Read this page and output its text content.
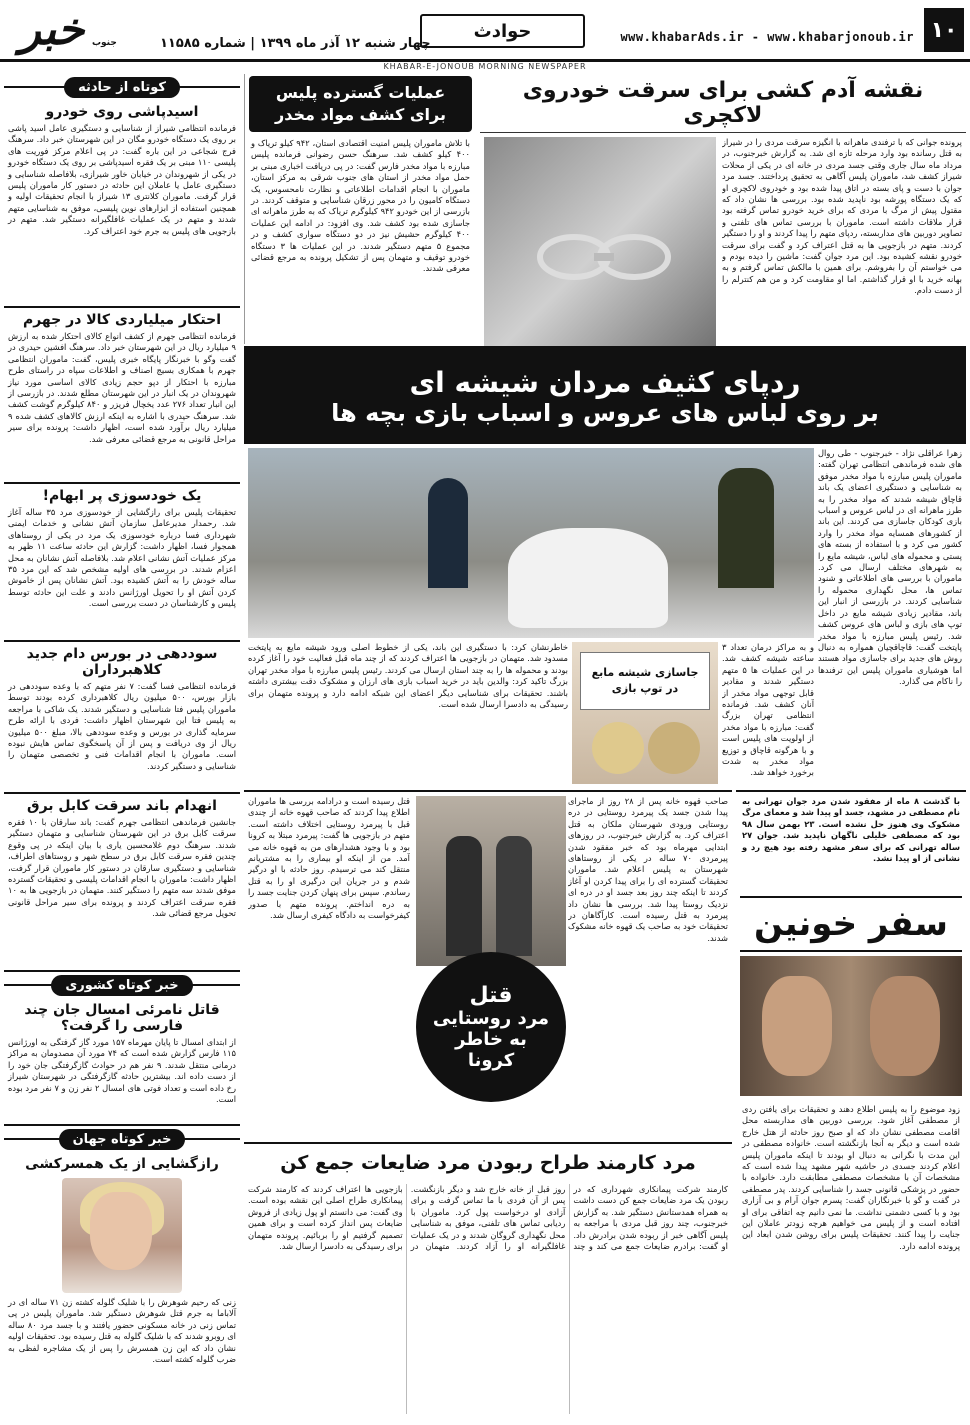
۱۰
www.khabarAds.ir - www.khabarjonoub.ir
حوادث
چهار شنبه ۱۲ آذر ماه ۱۳۹۹ | شماره ۱۱۵۸۵
خبر جنوب
KHABAR-E-JONOUB MORNING NEWSPAPER
کوتاه از حادثه
اسیدپاشی روی خودرو

فرمانده انتظامی شیراز از شناسایی و دستگیری عامل اسید پاشی بر روی یک دستگاه خودرو مگان در این شهرستان خبر داد. سرهنگ فرج شجاعی در این باره گفت: در پی اعلام مرکز فوریت های پلیسی ۱۱۰ مبنی بر یک فقره اسیدپاشی بر روی یک دستگاه خودرو در یکی از شهروندان در خیابان خاور شیرازی، بلافاصله شناسایی و دستگیری عامل یا عاملان این حادثه در دستور کار ماموران پلیس قرار گرفت. ماموران کلانتری ۱۳ شیراز با انجام تحقیقات اولیه و همچنین استفاده از ابزارهای نوین پلیسی، موفق به شناسایی متهم شدند و متهم در یک عملیات غافلگیرانه دستگیر شد. متهم در بازجویی های پلیس به جرم خود اعتراف کرد.

احتکار میلیاردی کالا در جهرم

فرمانده انتظامی جهرم از کشف انواع کالای احتکار شده به ارزش ۹ میلیارد ریال در این شهرستان خبر داد. سرهنگ افشین حیدری در گفت وگو با خبرنگار پایگاه خبری پلیس، گفت: ماموران انتظامی جهرم با همکاری بسیج اصناف و اطلاعات سپاه در راستای طرح مبارزه با احتکار از دپو حجم زیادی کالای اساسی مورد نیاز شهروندان در یک انبار در این شهرستان مطلع شدند. در بازرسی از این انبار تعداد ۲۷۶ عدد یخچال فریزر و ۸۴۰ کیلوگرم گوشت کشف شد. سرهنگ حیدری با اشاره به اینکه ارزش کالاهای کشف شده ۹ میلیارد ریال برآورد شده است، اظهار داشت: پرونده برای سیر مراحل قانونی به مرجع قضائی معرفی شد.

یک خودسوزی پر ابهام!

تحقیقات پلیس برای رازگشایی از خودسوزی مرد ۳۵ ساله آغاز شد. رحمدار مدیرعامل سازمان آتش نشانی و خدمات ایمنی شهرداری فسا درباره خودسوزی یک مرد در یکی از روستاهای همجوار فسا، اظهار داشت: گزارش این حادثه ساعت ۱۱ ظهر به مرکز عملیات آتش نشانی اعلام شد. بلافاصله آتش نشانان به محل اعزام شدند. در بررسی های اولیه مشخص شد که این مرد ۳۵ ساله خودش را به آتش کشیده بود. آتش نشانان پس از خاموش کردن آتش او را تحویل اورژانس دادند و علت این حادثه توسط پلیس و کارشناسان در دست بررسی است.

سوددهی در بورس دام جدید کلاهبرداران

فرمانده انتظامی فسا گفت: ۷ نفر متهم که با وعده سوددهی در بازار بورس، ۵۰۰ میلیون ریال کلاهبرداری کرده بودند توسط ماموران پلیس فتا شناسایی و دستگیر شدند. یک شاکی با مراجعه به پلیس فتا این شهرستان اظهار داشت: فردی با ارائه طرح سرمایه گذاری در بورس و وعده سوددهی بالا، مبلغ ۵۰۰ میلیون ریال از وی دریافت و پس از آن پاسخگوی تماس هایش نبوده است. ماموران با انجام اقدامات فنی و تخصصی متهمان را شناسایی و دستگیر کردند.

انهدام باند سرقت کابل برق

جانشین فرماندهی انتظامی جهرم گفت: باند سارقان با ۱۰ فقره سرقت کابل برق در این شهرستان شناسایی و متهمان دستگیر شدند. سرهنگ دوم غلامحسین یاری با بیان اینکه در پی وقوع چندین فقره سرقت کابل برق در سطح شهر و روستاهای اطراف، شناسایی و دستگیری سارقان در دستور کار ماموران قرار گرفت، اظهار داشت: ماموران با انجام اقدامات پلیسی و تحقیقات گسترده موفق شدند سه متهم را دستگیر کنند. متهمان در بازجویی ها به ۱۰ فقره سرقت اعتراف کردند و پرونده برای سیر مراحل قانونی تحویل مرجع قضائی شد.

خبر کوتاه کشوری
قاتل نامرئی امسال جان چند فارسی را گرفت؟

از ابتدای امسال تا پایان مهرماه ۱۵۷ مورد گاز گرفتگی به اورژانس ۱۱۵ فارس گزارش شده است که ۷۴ مورد آن مصدومان به مراکز درمانی منتقل شدند. ۹ نفر هم در حوادث گازگرفتگی جان خود را از دست داده اند. بیشترین حادثه گازگرفتگی در شهرستان شیراز رخ داده است و تعداد فوتی های امسال ۲ نفر زن و ۷ نفر مرد بوده است.

خبر کوتاه جهان
رازگشایی از یک همسرکشی

زنی که رحیم شوهرش را با شلیک گلوله کشته زن ۷۱ ساله ای در آلاباما به جرم قتل شوهرش دستگیر شد. ماموران پلیس در پی تماس زنی در خانه مسکونی حضور یافتند و با جسد مرد ۸۰ ساله ای روبرو شدند که با شلیک گلوله به قتل رسیده بود. تحقیقات اولیه نشان داد که این زن همسرش را پس از یک مشاجره لفظی به ضرب گلوله کشته است.

عملیات گسترده پلیس
برای کشف مواد مخدر

با تلاش ماموران پلیس امنیت اقتصادی استان، ۹۴۲ کیلو تریاک و ۴۰۰ کیلو کشف شد. سرهنگ حسن رضوانی فرمانده پلیس مبارزه با مواد مخدر فارس گفت: در پی دریافت اخباری مبنی بر حمل مواد مخدر از استان های جنوب شرقی به مرکز استان، ماموران با انجام اقدامات اطلاعاتی و نظارت نامحسوس، یک دستگاه کامیون را در محور زرقان شناسایی و متوقف کردند. در بازرسی از این خودرو ۹۴۲ کیلوگرم تریاک که به طرز ماهرانه ای جاسازی شده بود کشف شد. وی افزود: در ادامه این عملیات ۴۰۰ کیلوگرم حشیش نیز در دو دستگاه سواری کشف و در مجموع ۵ متهم دستگیر شدند. در این عملیات ها ۳ دستگاه خودرو توقیف و متهمان پس از تشکیل پرونده به مرجع قضائی معرفی شدند.

نقشه آدم کشی برای سرقت خودروی لاکچری

پرونده جوانی که با ترفندی ماهرانه با انگیزه سرقت مردی را در شیراز به قتل رسانده بود وارد مرحله تازه ای شد. به گزارش خبرجنوب، در مرداد ماه سال جاری وقتی جسد مردی در خانه ای در یکی از محلات شیراز کشف شد، ماموران پلیس آگاهی به تحقیق پرداختند. جسد مرد جوان با دست و پای بسته در اتاق پیدا شده بود و خودروی لاکچری او که یک دستگاه پورشه بود ناپدید شده بود. بررسی ها نشان داد که مقتول پیش از مرگ با مردی که برای خرید خودرو تماس گرفته بود قرار ملاقات داشته است. ماموران با بررسی تماس های تلفنی و تصاویر دوربین های مداربسته، ردپای متهم را پیدا کردند و او را دستگیر کردند. متهم در بازجویی ها به قتل اعتراف کرد و گفت برای سرقت خودرو نقشه کشیده بود. این مرد جوان گفت: ماشین را دیده بودم و می خواستم آن را بفروشم. برای همین با مالکش تماس گرفتم و به بهانه خرید با او قرار گذاشتم. اما او مقاومت کرد و من هم کنترلم را از دست دادم.

ردپای کثیف مردان شیشه ای
بر روی لباس های عروس و اسباب بازی بچه ها

زهرا عراقلی نژاد - خبرجنوب - طی روال های شده فرماندهی انتظامی تهران گفته: ماموران پلیس مبارزه با مواد مخدر موفق به شناسایی و دستگیری اعضای یک باند قاچاق شیشه شدند که مواد مخدر را به طرز ماهرانه ای در لباس عروس و اسباب بازی کودکان جاسازی می کردند. این باند از کشورهای همسایه مواد مخدر را وارد کشور می کرد و با استفاده از بسته های پستی و محموله های لباس، شیشه مایع را به شهرهای مختلف ارسال می کرد. ماموران با بررسی های اطلاعاتی و شنود تماس ها، محل نگهداری محموله را شناسایی کردند. در بازرسی از انبار این باند، مقادیر زیادی شیشه مایع در داخل توپ های بازی و لباس های عروس کشف شد. رئیس پلیس مبارزه با مواد مخدر پایتخت گفت: قاچاقچیان همواره به دنبال روش های جدید برای جاسازی مواد هستند اما هوشیاری ماموران پلیس این ترفندها را ناکام می گذارد.

خاطرنشان کرد: با دستگیری این باند، یکی از خطوط اصلی ورود شیشه مایع به پایتخت مسدود شد. متهمان در بازجویی ها اعتراف کردند که از چند ماه قبل فعالیت خود را آغاز کرده بودند و محموله ها را به چند استان ارسال می کردند. رئیس پلیس مبارزه با مواد مخدر تهران بزرگ تاکید کرد: والدین باید در خرید اسباب بازی های ارزان و مشکوک دقت بیشتری داشته باشند. تحقیقات برای شناسایی دیگر اعضای این شبکه ادامه دارد و پرونده متهمان برای رسیدگی به دادسرا ارسال شده است.

جاسازی شیشه مابع در توپ بازی

و به مراکز درمان تعداد ۳ ساعته شیشه کشف شد. در این عملیات ها ۵ متهم دستگیر شدند و مقادیر قابل توجهی مواد مخدر از آنان کشف شد. فرمانده انتظامی تهران بزرگ گفت: مبارزه با مواد مخدر از اولویت های پلیس است و با هرگونه قاچاق و توزیع مواد مخدر به شدت برخورد خواهد شد.

با گذشت ۸ ماه از مفقود شدن مرد جوان تهرانی به نام مصطفی در مشهد، جسد او پیدا شد و معمای مرگ مشکوک وی هنوز حل نشده است. ۲۳ بهمن سال ۹۸ بود که مصطفی خلیلی ناگهان ناپدید شد. جوان ۲۷ ساله تهرانی که برای سفر مشهد رفته بود هیچ رد و نشانی از او پیدا نشد.

سفر خونین

زود موضوع را به پلیس اطلاع دهند و تحقیقات برای یافتن ردی از مصطفی آغاز شود. بررسی دوربین های مداربسته محل اقامت مصطفی نشان داد که او صبح روز حادثه از هتل خارج شده است و دیگر به آنجا بازنگشته است. خانواده مصطفی در این مدت با نگرانی به دنبال او بودند تا اینکه ماموران پلیس اعلام کردند جسدی در حاشیه شهر مشهد پیدا شده است که مشخصات آن با مشخصات مصطفی مطابقت دارد. خانواده با حضور در پزشکی قانونی جسد را شناسایی کردند. پدر مصطفی در گفت و گو با خبرنگاران گفت: پسرم جوان آرام و بی آزاری بود و با کسی دشمنی نداشت. ما نمی دانیم چه اتفاقی برای او افتاده است و از پلیس می خواهیم هرچه زودتر عاملان این جنایت را پیدا کنند. تحقیقات پلیس برای روشن شدن ابعاد این پرونده ادامه دارد.

صاحب قهوه خانه پس از ۲۸ روز از ماجرای پیدا شدن جسد یک پیرمرد روستایی در دره روستایی ورودی شهرستان ملکان به قتل اعتراف کرد. به گزارش خبرجنوب، در روزهای ابتدایی مهرماه بود که خبر مفقود شدن پیرمردی ۷۰ ساله در یکی از روستاهای شهرستان به پلیس اعلام شد. ماموران تحقیقات گسترده ای را برای پیدا کردن او آغاز کردند تا اینکه چند روز بعد جسد او در دره ای نزدیک روستا پیدا شد. بررسی ها نشان داد پیرمرد به قتل رسیده است. کارآگاهان در تحقیقات خود به صاحب یک قهوه خانه مشکوک شدند.

قتل
مرد روستایی
به خاطر
کرونا

قتل رسیده است و درادامه بررسی ها ماموران اطلاع پیدا کردند که صاحب قهوه خانه از چندی قبل با پیرمرد روستایی اختلاف داشته است. متهم در بازجویی ها گفت: پیرمرد مبتلا به کرونا بود و با وجود هشدارهای من به قهوه خانه می آمد. من از اینکه او بیماری را به مشتریانم منتقل کند می ترسیدم. روز حادثه با او درگیر شدم و در جریان این درگیری او را به قتل رساندم. سپس برای پنهان کردن جنایت جسد را به دره انداختم. پرونده متهم با صدور کیفرخواست به دادگاه کیفری ارسال شد.

مرد کارمند طراح ربودن مرد ضایعات جمع کن

کارمند شرکت پیمانکاری شهرداری که در ربودن یک مرد ضایعات جمع کن دست داشت به همراه همدستانش دستگیر شد. به گزارش خبرجنوب، چند روز قبل مردی با مراجعه به پلیس آگاهی خبر از ربوده شدن برادرش داد. او گفت: برادرم ضایعات جمع می کند و چند روز قبل از خانه خارج شد و دیگر بازنگشت. پس از آن فردی با ما تماس گرفت و برای آزادی او درخواست پول کرد. ماموران با ردیابی تماس های تلفنی، موفق به شناسایی محل نگهداری گروگان شدند و در یک عملیات غافلگیرانه او را آزاد کردند. متهمان در بازجویی ها اعتراف کردند که کارمند شرکت پیمانکاری طراح اصلی این نقشه بوده است. وی گفت: می دانستم او پول زیادی از فروش ضایعات پس انداز کرده است و برای همین تصمیم گرفتیم او را بربائیم. پرونده متهمان برای رسیدگی به دادسرا ارسال شد.
